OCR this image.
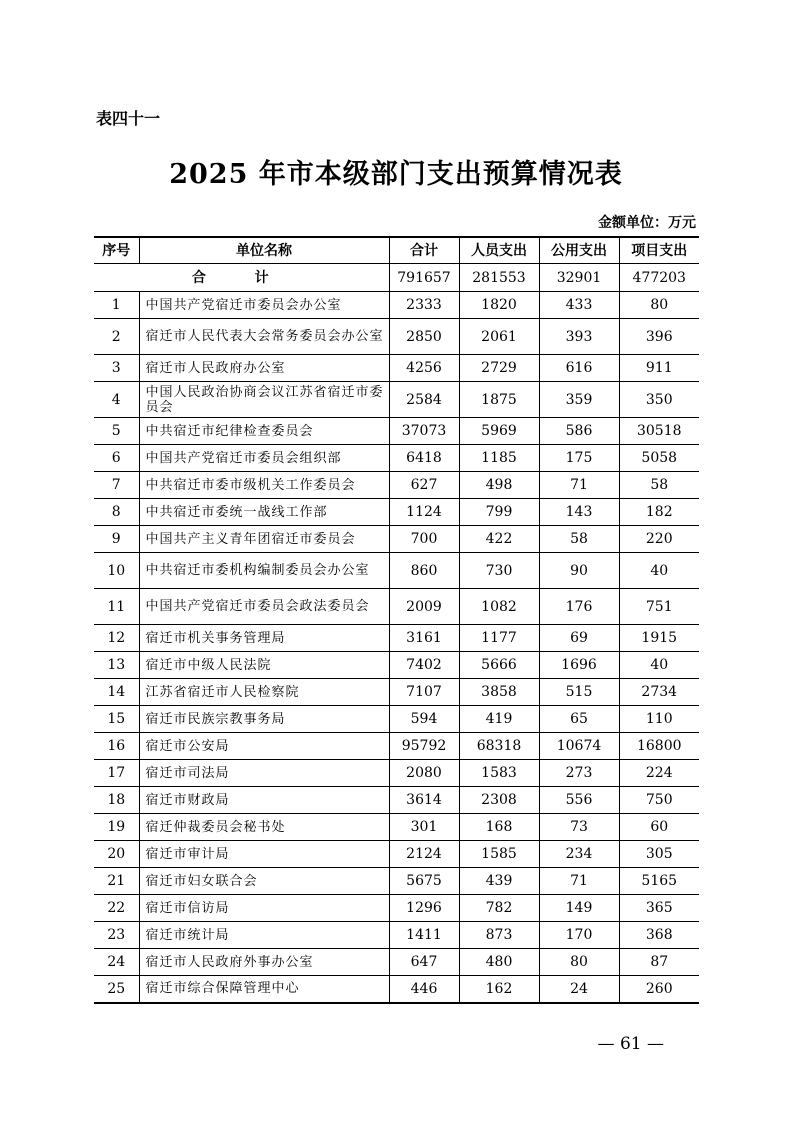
表四十一
2025 年市本级部门支出预算情况表
金额单位：万元
序号	单位名称	合计	人员支出	公用支出	项目支出
合 计		791657	281553	32901	477203
1	中国共产党宿迁市委员会办公室	2333	1820	433	80
2	宿迁市人民代表大会常务委员会办公室	2850	2061	393	396
3	宿迁市人民政府办公室	4256	2729	616	911
4	中国人民政治协商会议江苏省宿迁市委员会	2584	1875	359	350
5	中共宿迁市纪律检查委员会	37073	5969	586	30518
6	中国共产党宿迁市委员会组织部	6418	1185	175	5058
7	中共宿迁市委市级机关工作委员会	627	498	71	58
8	中共宿迁市委统一战线工作部	1124	799	143	182
9	中国共产主义青年团宿迁市委员会	700	422	58	220
10	中共宿迁市委机构编制委员会办公室	860	730	90	40
11	中国共产党宿迁市委员会政法委员会	2009	1082	176	751
12	宿迁市机关事务管理局	3161	1177	69	1915
13	宿迁市中级人民法院	7402	5666	1696	40
14	江苏省宿迁市人民检察院	7107	3858	515	2734
15	宿迁市民族宗教事务局	594	419	65	110
16	宿迁市公安局	95792	68318	10674	16800
17	宿迁市司法局	2080	1583	273	224
18	宿迁市财政局	3614	2308	556	750
19	宿迁仲裁委员会秘书处	301	168	73	60
20	宿迁市审计局	2124	1585	234	305
21	宿迁市妇女联合会	5675	439	71	5165
22	宿迁市信访局	1296	782	149	365
23	宿迁市统计局	1411	873	170	368
24	宿迁市人民政府外事办公室	647	480	80	87
25	宿迁市综合保障管理中心	446	162	24	260
— 61 —
